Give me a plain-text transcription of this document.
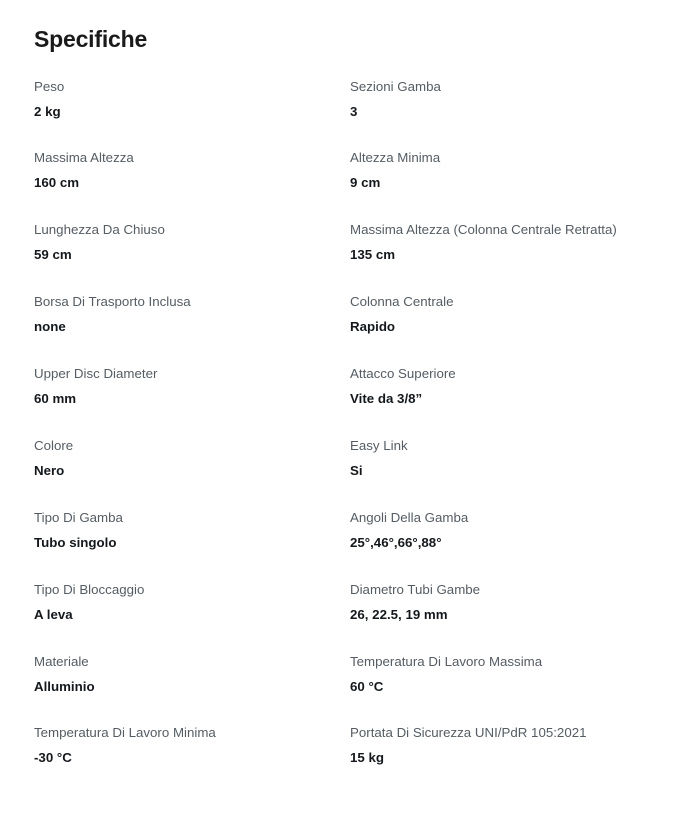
Specifiche
Peso
2 kg
Sezioni Gamba
3
Massima Altezza
160 cm
Altezza Minima
9 cm
Lunghezza Da Chiuso
59 cm
Massima Altezza (Colonna Centrale Retratta)
135 cm
Borsa Di Trasporto Inclusa
none
Colonna Centrale
Rapido
Upper Disc Diameter
60 mm
Attacco Superiore
Vite da 3/8”
Colore
Nero
Easy Link
Si
Tipo Di Gamba
Tubo singolo
Angoli Della Gamba
25°,46°,66°,88°
Tipo Di Bloccaggio
A leva
Diametro Tubi Gambe
26, 22.5, 19 mm
Materiale
Alluminio
Temperatura Di Lavoro Massima
60 °C
Temperatura Di Lavoro Minima
-30 °C
Portata Di Sicurezza UNI/PdR 105:2021
15 kg
